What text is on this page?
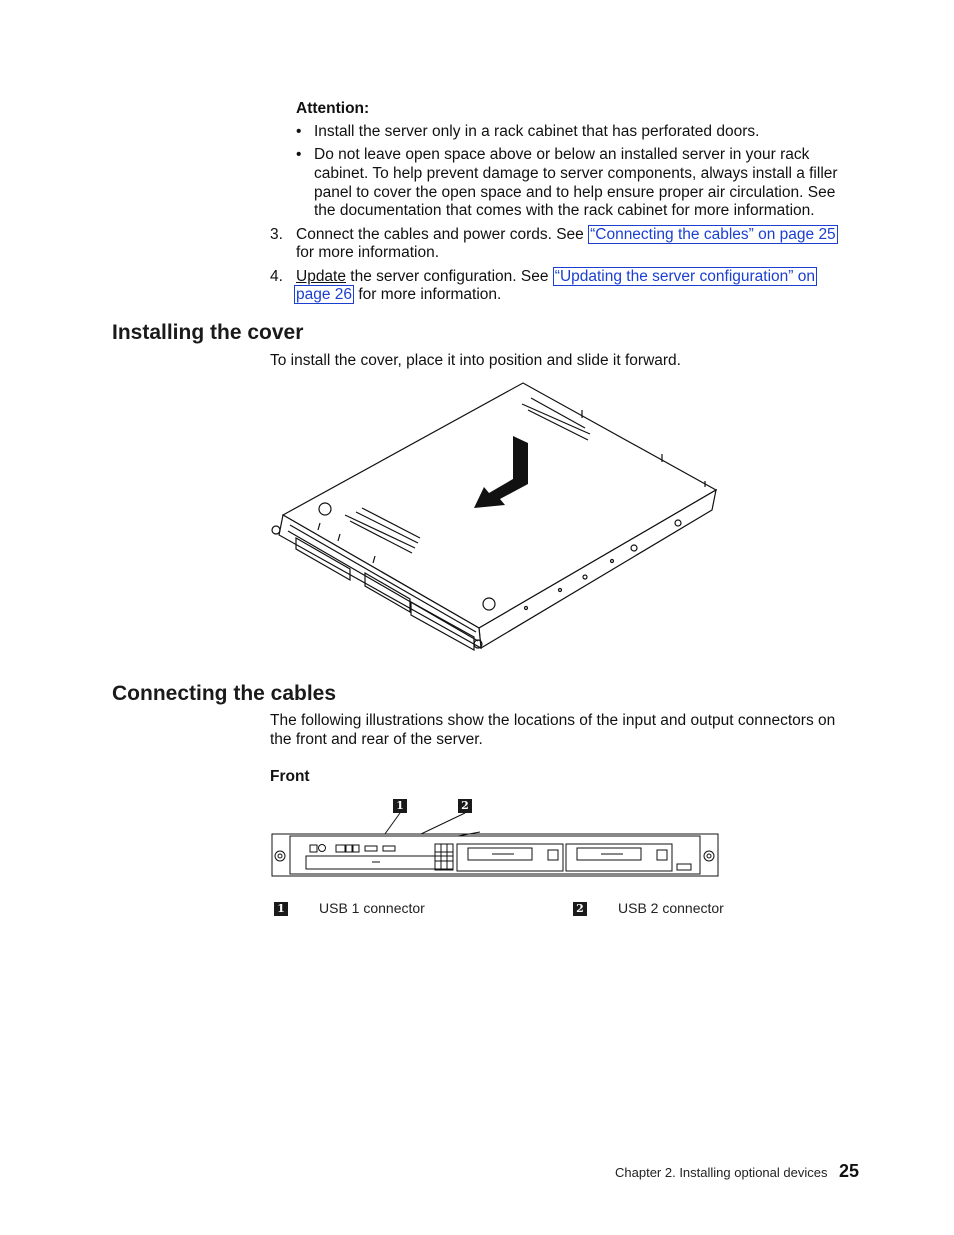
Attention:
• Install the server only in a rack cabinet that has perforated doors.
• Do not leave open space above or below an installed server in your rack
cabinet. To help prevent damage to server components, always install a filler
panel to cover the open space and to help ensure proper air circulation. See
the documentation that comes with the rack cabinet for more information.
3. Connect the cables and power cords. See “Connecting the cables” on page 25
for more information.
4. Update the server configuration. See “Updating the server configuration” on
page 26 for more information.
Installing the cover
To install the cover, place it into position and slide it forward.
Connecting the cables
The following illustrations show the locations of the input and output connectors on
the front and rear of the server.
Front
1	2
1 USB 1 connector	2 USB 2 connector
Chapter 2. Installing optional devices 25
